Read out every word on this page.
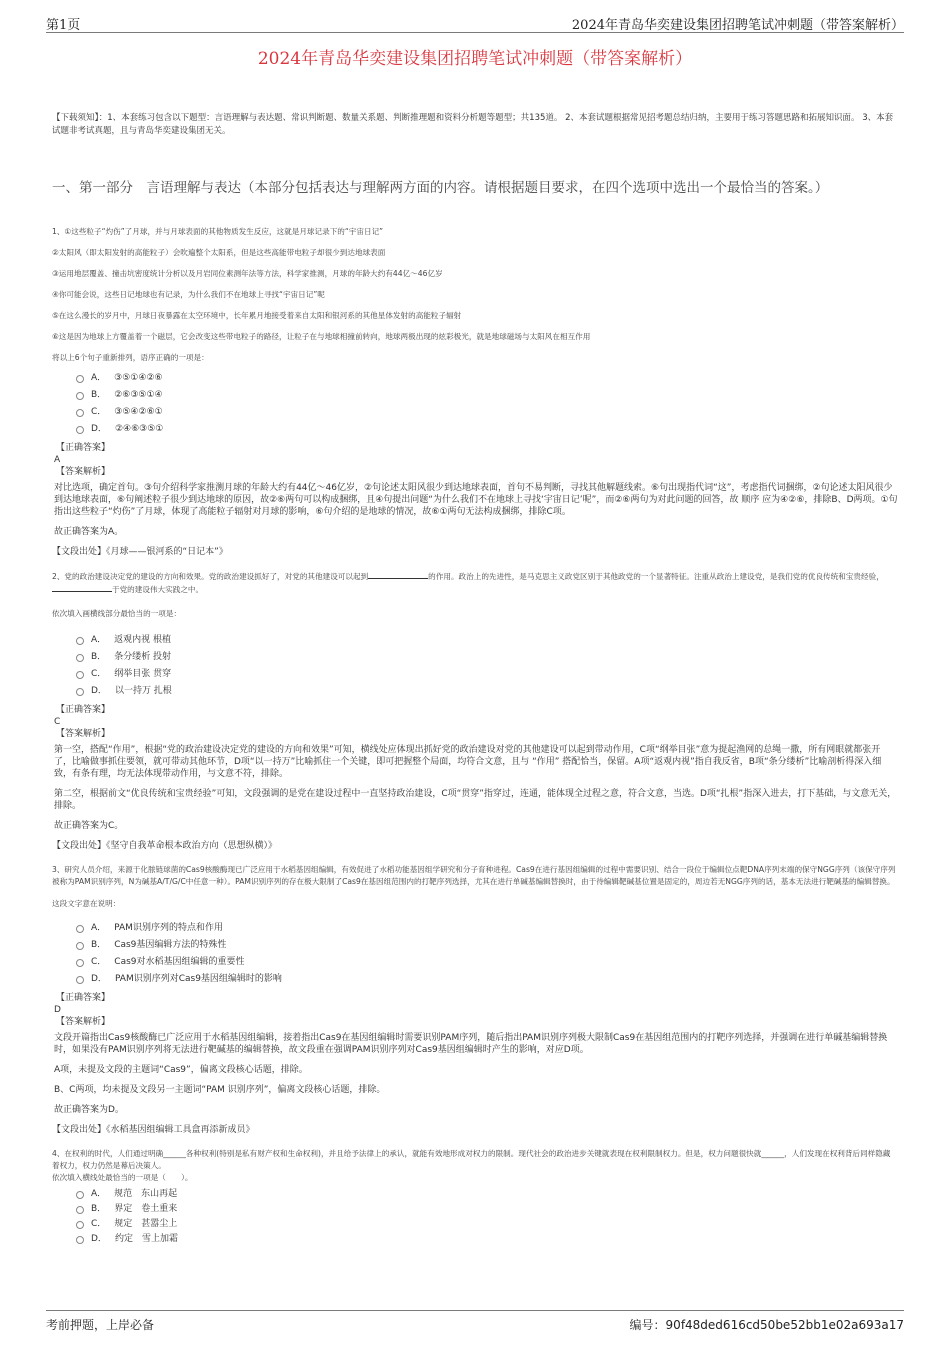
第1页	2024年青岛华奕建设集团招聘笔试冲刺题（带答案解析）
2024年青岛华奕建设集团招聘笔试冲刺题（带答案解析）
【下载须知】：1、本套练习包含以下题型：言语理解与表达题、常识判断题、数量关系题、判断推理题和资料分析题等题型；共135道。 2、本套试题根据常见招考题总结归纳，主要用于练习答题思路和拓展知识面。 3、本套试题非考试真题，且与青岛华奕建设集团无关。
一、第一部分　言语理解与表达（本部分包括表达与理解两方面的内容。请根据题目要求，在四个选项中选出一个最恰当的答案。）

1、①这些粒子“灼伤”了月球，并与月球表面的其他物质发生反应，这就是月球记录下的“宇宙日记”

②太阳风（即太阳发射的高能粒子）会吹遍整个太阳系，但是这些高能带电粒子却很少到达地球表面

③运用地层覆盖、撞击坑密度统计分析以及月岩同位素测年法等方法，科学家推测，月球的年龄大约有44亿～46亿岁

④你可能会说，这些日记地球也有记录，为什么我们不在地球上寻找“宇宙日记”呢

⑤在这么漫长的岁月中，月球日夜暴露在太空环境中，长年累月地接受着来自太阳和银河系的其他星体发射的高能粒子辐射

⑥这是因为地球上方覆盖着一个磁层，它会改变这些带电粒子的路径，让粒子在与地球相撞前转向，地球两极出现的炫彩极光，就是地球磁场与太阳风在相互作用

将以上6个句子重新排列，语序正确的一项是：

A． ③⑤①④②⑥
B． ②⑥③⑤①④
C． ③⑤④②⑥①
D． ②④⑥③⑤①

【正确答案】

A

【答案解析】

对比选项，确定首句。③句介绍科学家推测月球的年龄大约有44亿～46亿岁，②句论述太阳风很少到达地球表面，首句不易判断，寻找其他解题线索。⑥句出现指代词“这”，考虑指代词捆绑，②句论述太阳风很少到达地球表面，⑥句阐述粒子很少到达地球的原因，故②⑥两句可以构成捆绑，且④句提出问题“为什么我们不在地球上寻找‘宇宙日记’呢”，而②⑥两句为对此问题的回答，故 顺序 应为④②⑥，排除B、D两项。①句指出这些粒子“灼伤”了月球，体现了高能粒子辐射对月球的影响，⑥句介绍的是地球的情况，故⑥①两句无法构成捆绑，排除C项。

故正确答案为A。

【文段出处】《月球——银河系的“日记本”》

2、党的政治建设决定党的建设的方向和效果。党的政治建设抓好了，对党的其他建设可以起到	的作用。政治上的先进性，是马克思主义政党区别于其他政党的一个显著特征。注重从政治上建设党，是我们党的优良传统和宝贵经验，于党的建设伟大实践之中。

依次填入画横线部分最恰当的一项是：

A． 返观内视 根植
B． 条分缕析 投射
C． 纲举目张 贯穿
D． 以一持万 扎根

【正确答案】

C

【答案解析】

第一空，搭配“作用”，根据“党的政治建设决定党的建设的方向和效果”可知，横线处应体现出抓好党的政治建设对党的其他建设可以起到带动作用，C项“纲举目张”意为提起渔网的总绳一撒，所有网眼就都张开了，比喻做事抓住要领，就可带动其他环节，D项“以一持万”比喻抓住一个关键，即可把握整个局面，均符合文意，且与 “作用” 搭配恰当，保留。A项“返观内视”指自我反省，B项“条分缕析”比喻剖析得深入细致，有条有理，均无法体现带动作用，与文意不符，排除。

第二空，根据前文“优良传统和宝贵经验”可知，文段强调的是党在建设过程中一直坚持政治建设，C项“贯穿”指穿过，连通，能体现全过程之意，符合文意，当选。D项“扎根”指深入进去，打下基础，与文意无关，排除。

故正确答案为C。

【文段出处】《坚守自我革命根本政治方向（思想纵横）》

3、研究人员介绍，来源于化脓链球菌的Cas9核酸酶现已广泛应用于水稻基因组编辑，有效促进了水稻功能基因组学研究和分子育种进程。Cas9在进行基因组编辑的过程中需要识别、结合一段位于编辑位点靶DNA序列末端的保守NGG序列（该保守序列被称为PAM识别序列，N为碱基A/T/G/C中任意一种）。PAM识别序列的存在极大限制了Cas9在基因组范围内的打靶序列选择，尤其在进行单碱基编辑替换时，由于待编辑靶碱基位置是固定的，周边若无NGG序列的话，基本无法进行靶碱基的编辑替换。

这段文字意在说明：

A． PAM识别序列的特点和作用
B． Cas9基因编辑方法的特殊性
C． Cas9对水稻基因组编辑的重要性
D． PAM识别序列对Cas9基因组编辑时的影响

【正确答案】

D

【答案解析】

文段开篇指出Cas9核酸酶已广泛应用于水稻基因组编辑，接着指出Cas9在基因组编辑时需要识别PAM序列，随后指出PAM识别序列极大限制Cas9在基因组范围内的打靶序列选择，并强调在进行单碱基编辑替换时，如果没有PAM识别序列将无法进行靶碱基的编辑替换，故文段重在强调PAM识别序列对Cas9基因组编辑时产生的影响，对应D项。

A项，未提及文段的主题词“Cas9”，偏离文段核心话题，排除。

B、C两项，均未提及文段另一主题词“PAM 识别序列”，偏离文段核心话题，排除。

故正确答案为D。

【文段出处】《水稻基因组编辑工具盒再添新成员》

4、在权利的时代，人们通过明确______各种权利(特别是私有财产权和生命权利)，并且给予法律上的承认，就能有效地形成对权力的限制。现代社会的政治进步关键就表现在权利限制权力。但是，权力问题很快就______，人们发现在权利背后同样隐藏着权力，权力仍然是幕后决策人。

依次填入横线处最恰当的一项是（　　）。

A． 规范　东山再起
B． 界定　卷土重来
C． 规定　甚嚣尘上
D． 约定　雪上加霜
考前押题，上岸必备	编号：90f48ded616cd50be52bb1e02a693a17
